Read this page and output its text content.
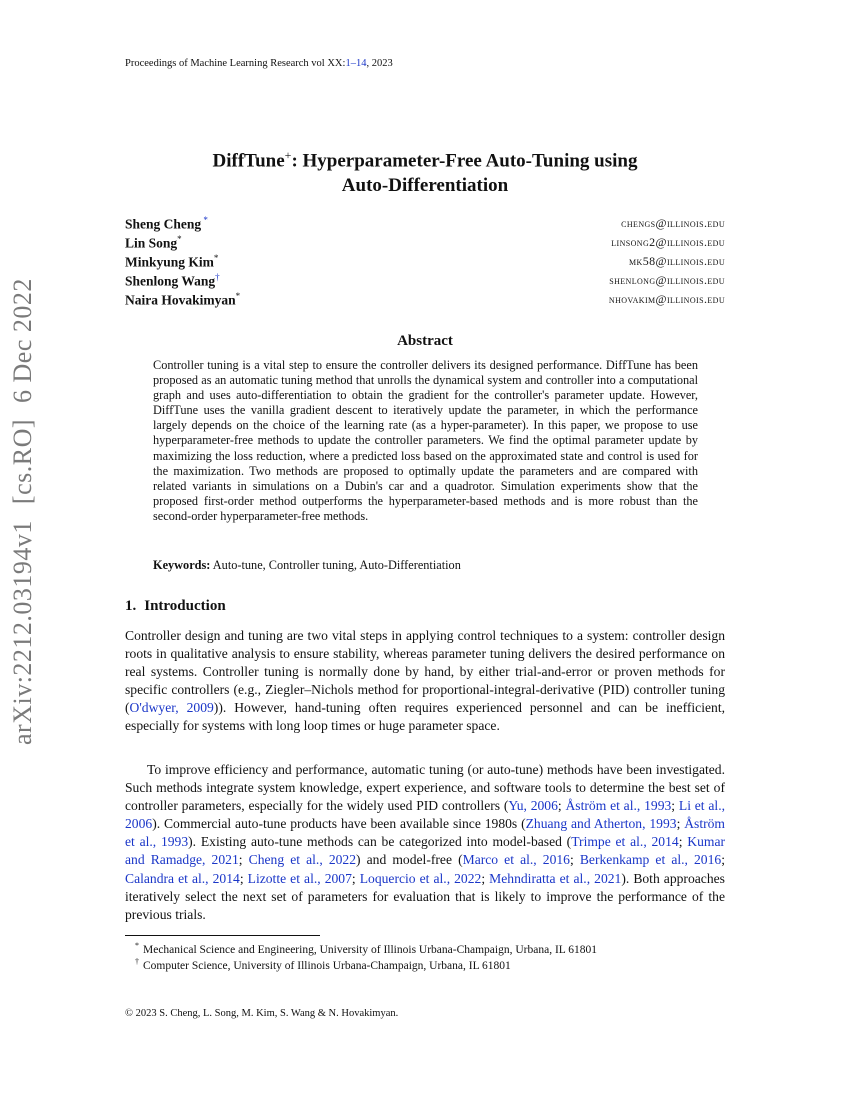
Proceedings of Machine Learning Research vol XX:1–14, 2023
arXiv:2212.03194v1[cs.RO]6 Dec 2022
DiffTune+: Hyperparameter-Free Auto-Tuning using
Auto-Differentiation
Sheng Cheng *	chengs@illinois.edu
Lin Song*	linsong2@illinois.edu
Minkyung Kim*	mk58@illinois.edu
Shenlong Wang†	shenlong@illinois.edu
Naira Hovakimyan*	nhovakim@illinois.edu
Abstract
Controller tuning is a vital step to ensure the controller delivers its designed performance. DiffTune has been proposed as an automatic tuning method that unrolls the dynamical system and controller into a computational graph and uses auto-differentiation to obtain the gradient for the controller's parameter update. However, DiffTune uses the vanilla gradient descent to iteratively update the parameter, in which the performance largely depends on the choice of the learning rate (as a hyper-parameter). In this paper, we propose to use hyperparameter-free methods to update the controller parameters. We find the optimal parameter update by maximizing the loss reduction, where a predicted loss based on the approximated state and control is used for the maximization. Two methods are proposed to optimally update the parameters and are compared with related variants in simulations on a Dubin's car and a quadrotor. Simulation experiments show that the proposed first-order method outperforms the hyperparameter-based methods and is more robust than the second-order hyperparameter-free methods.
Keywords: Auto-tune, Controller tuning, Auto-Differentiation
1. Introduction
Controller design and tuning are two vital steps in applying control techniques to a system: controller design roots in qualitative analysis to ensure stability, whereas parameter tuning delivers the desired performance on real systems. Controller tuning is normally done by hand, by either trial-and-error or proven methods for specific controllers (e.g., Ziegler–Nichols method for proportional-integral-derivative (PID) controller tuning (O'dwyer, 2009)). However, hand-tuning often requires experienced personnel and can be inefficient, especially for systems with long loop times or huge parameter space.
To improve efficiency and performance, automatic tuning (or auto-tune) methods have been investigated. Such methods integrate system knowledge, expert experience, and software tools to determine the best set of controller parameters, especially for the widely used PID controllers (Yu, 2006; Åström et al., 1993; Li et al., 2006). Commercial auto-tune products have been available since 1980s (Zhuang and Atherton, 1993; Åström et al., 1993). Existing auto-tune methods can be categorized into model-based (Trimpe et al., 2014; Kumar and Ramadge, 2021; Cheng et al., 2022) and model-free (Marco et al., 2016; Berkenkamp et al., 2016; Calandra et al., 2014; Lizotte et al., 2007; Loquercio et al., 2022; Mehndiratta et al., 2021). Both approaches iteratively select the next set of parameters for evaluation that is likely to improve the performance of the previous trials.
* Mechanical Science and Engineering, University of Illinois Urbana-Champaign, Urbana, IL 61801
† Computer Science, University of Illinois Urbana-Champaign, Urbana, IL 61801
© 2023 S. Cheng, L. Song, M. Kim, S. Wang & N. Hovakimyan.
